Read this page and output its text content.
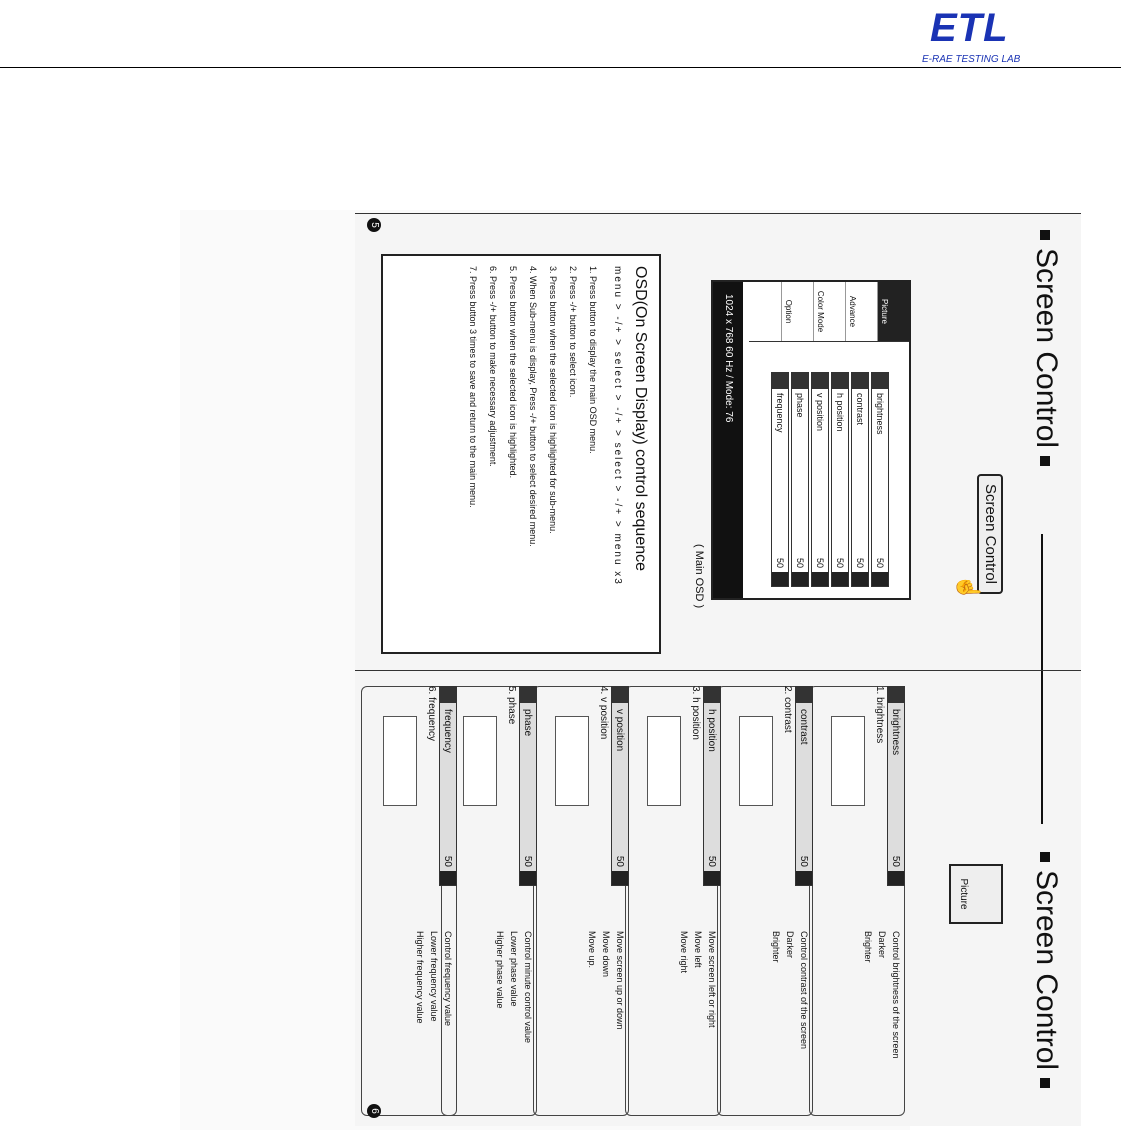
ETL
E-RAE TESTING LAB
Screen Control
Screen Control
Screen Control
☝
Picture
Advance
Color Mode
Option
brightness
50
contrast
50
h position
50
v position
50
phase
50
frequency
50
1024 x 768 60 Hz / Mode: 76
( Main OSD )
OSD(On Screen Display) control sequence
menu > -/+ > select > -/+ > select > -/+ > menu x3
1. Press button to display the main OSD menu.
2. Press -/+ button to select icon.
3. Press button when the selected icon is highlighted for sub-menu.
4. When Sub-menu is display, Press -/+ button to select desired menu.
5. Press button when the selected icon is highlighted.
6. Press -/+ button to make necessary adjustment.
7. Press button 3 times to save and return to the main menu.
5
Picture
brightness
50
1. brightness
Control brightness of the screen
Darker
Brighter
contrast
50
2. contrast
Control contrast of the screen
Darker
Brighter
h position
50
3. h position
Move screen left or right
Move left
Move right
v position
50
4. v position
Move screen up or down
Move down
Move up.
phase
50
5. phase
Control minute control value
Lower phase value
Higher phase value
frequency
50
6. frequency
Control frequency value
Lower frequency value
Higher frequency value
6
